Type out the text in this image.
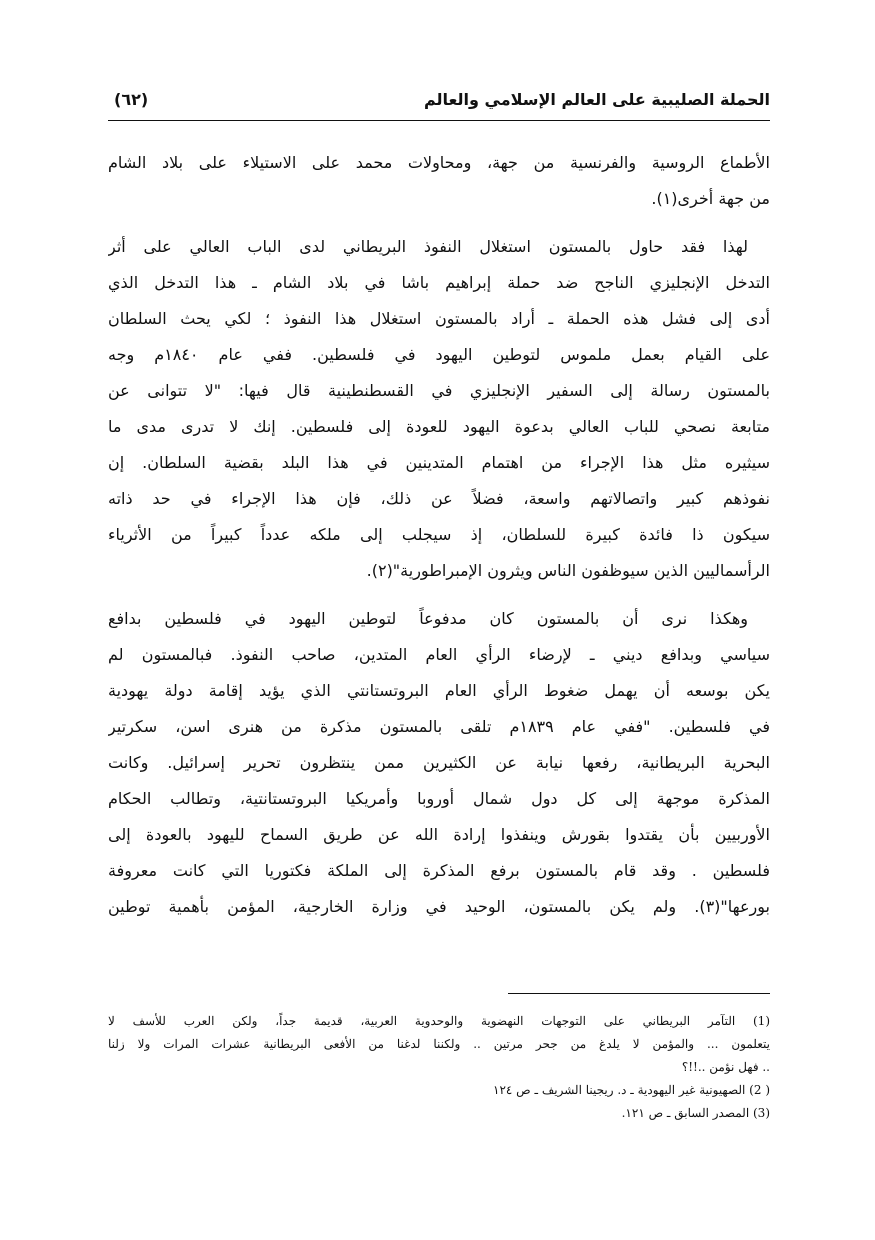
الحملة الصليبية على العالم الإسلامي والعالم
(٦٢)
الأطماع الروسية والفرنسية من جهة، ومحاولات محمد على الاستيلاء على بلاد الشام
من جهة أخرى(١).
لهذا فقد حاول بالمستون استغلال النفوذ البريطاني لدى الباب العالي على أثر
التدخل الإنجليزي الناجح ضد حملة إبراهيم باشا في بلاد الشام ـ هذا التدخل الذي
أدى إلى فشل هذه الحملة ـ أراد بالمستون استغلال هذا النفوذ ؛ لكي يحث السلطان
على القيام بعمل ملموس لتوطين اليهود في فلسطين. ففي عام ١٨٤٠م وجه
بالمستون رسالة إلى السفير الإنجليزي في القسطنطينية قال فيها: "لا تتوانى عن
متابعة نصحي للباب العالي بدعوة اليهود للعودة إلى فلسطين. إنك لا تدرى مدى ما
سيثيره مثل هذا الإجراء من اهتمام المتدينين في هذا البلد بقضية السلطان. إن
نفوذهم كبير واتصالاتهم واسعة، فضلاً عن ذلك، فإن هذا الإجراء في حد ذاته
سيكون ذا فائدة كبيرة للسلطان، إذ سيجلب إلى ملكه عدداً كبيراً من الأثرياء
الرأسماليين الذين سيوظفون الناس ويثرون الإمبراطورية"(٢).
وهكذا نرى أن بالمستون كان مدفوعاً لتوطين اليهود في فلسطين بدافع
سياسي وبدافع ديني ـ لإرضاء الرأي العام المتدين، صاحب النفوذ. فبالمستون لم
يكن بوسعه أن يهمل ضغوط الرأي العام البروتستانتي الذي يؤيد إقامة دولة يهودية
في فلسطين. "ففي عام ١٨٣٩م تلقى بالمستون مذكرة من هنرى اسن، سكرتير
البحرية البريطانية، رفعها نيابة عن الكثيرين ممن ينتظرون تحرير إسرائيل. وكانت
المذكرة موجهة إلى كل دول شمال أوروبا وأمريكيا البروتستانتية، وتطالب الحكام
الأوربيين بأن يقتدوا بقورش وينفذوا إرادة الله عن طريق السماح لليهود بالعودة إلى
فلسطين . وقد قام بالمستون برفع المذكرة إلى الملكة فكتوريا التي كانت معروفة
بورعها"(٣). ولم يكن بالمستون، الوحيد في وزارة الخارجية، المؤمن بأهمية توطين
(1) التآمر البريطاني على التوجهات النهضوية والوحدوية العربية، قديمة جداً، ولكن العرب للأسف لا
يتعلمون ... والمؤمن لا يلدغ من جحر مرتين .. ولكننا لدغنا من الأفعى البريطانية عشرات المرات ولا زلنا
.. فهل نؤمن ..!!؟
( 2) الصهيونية غير اليهودية ـ د. ريجينا الشريف ـ ص ١٢٤
(3) المصدر السابق ـ ص ١٢١.
